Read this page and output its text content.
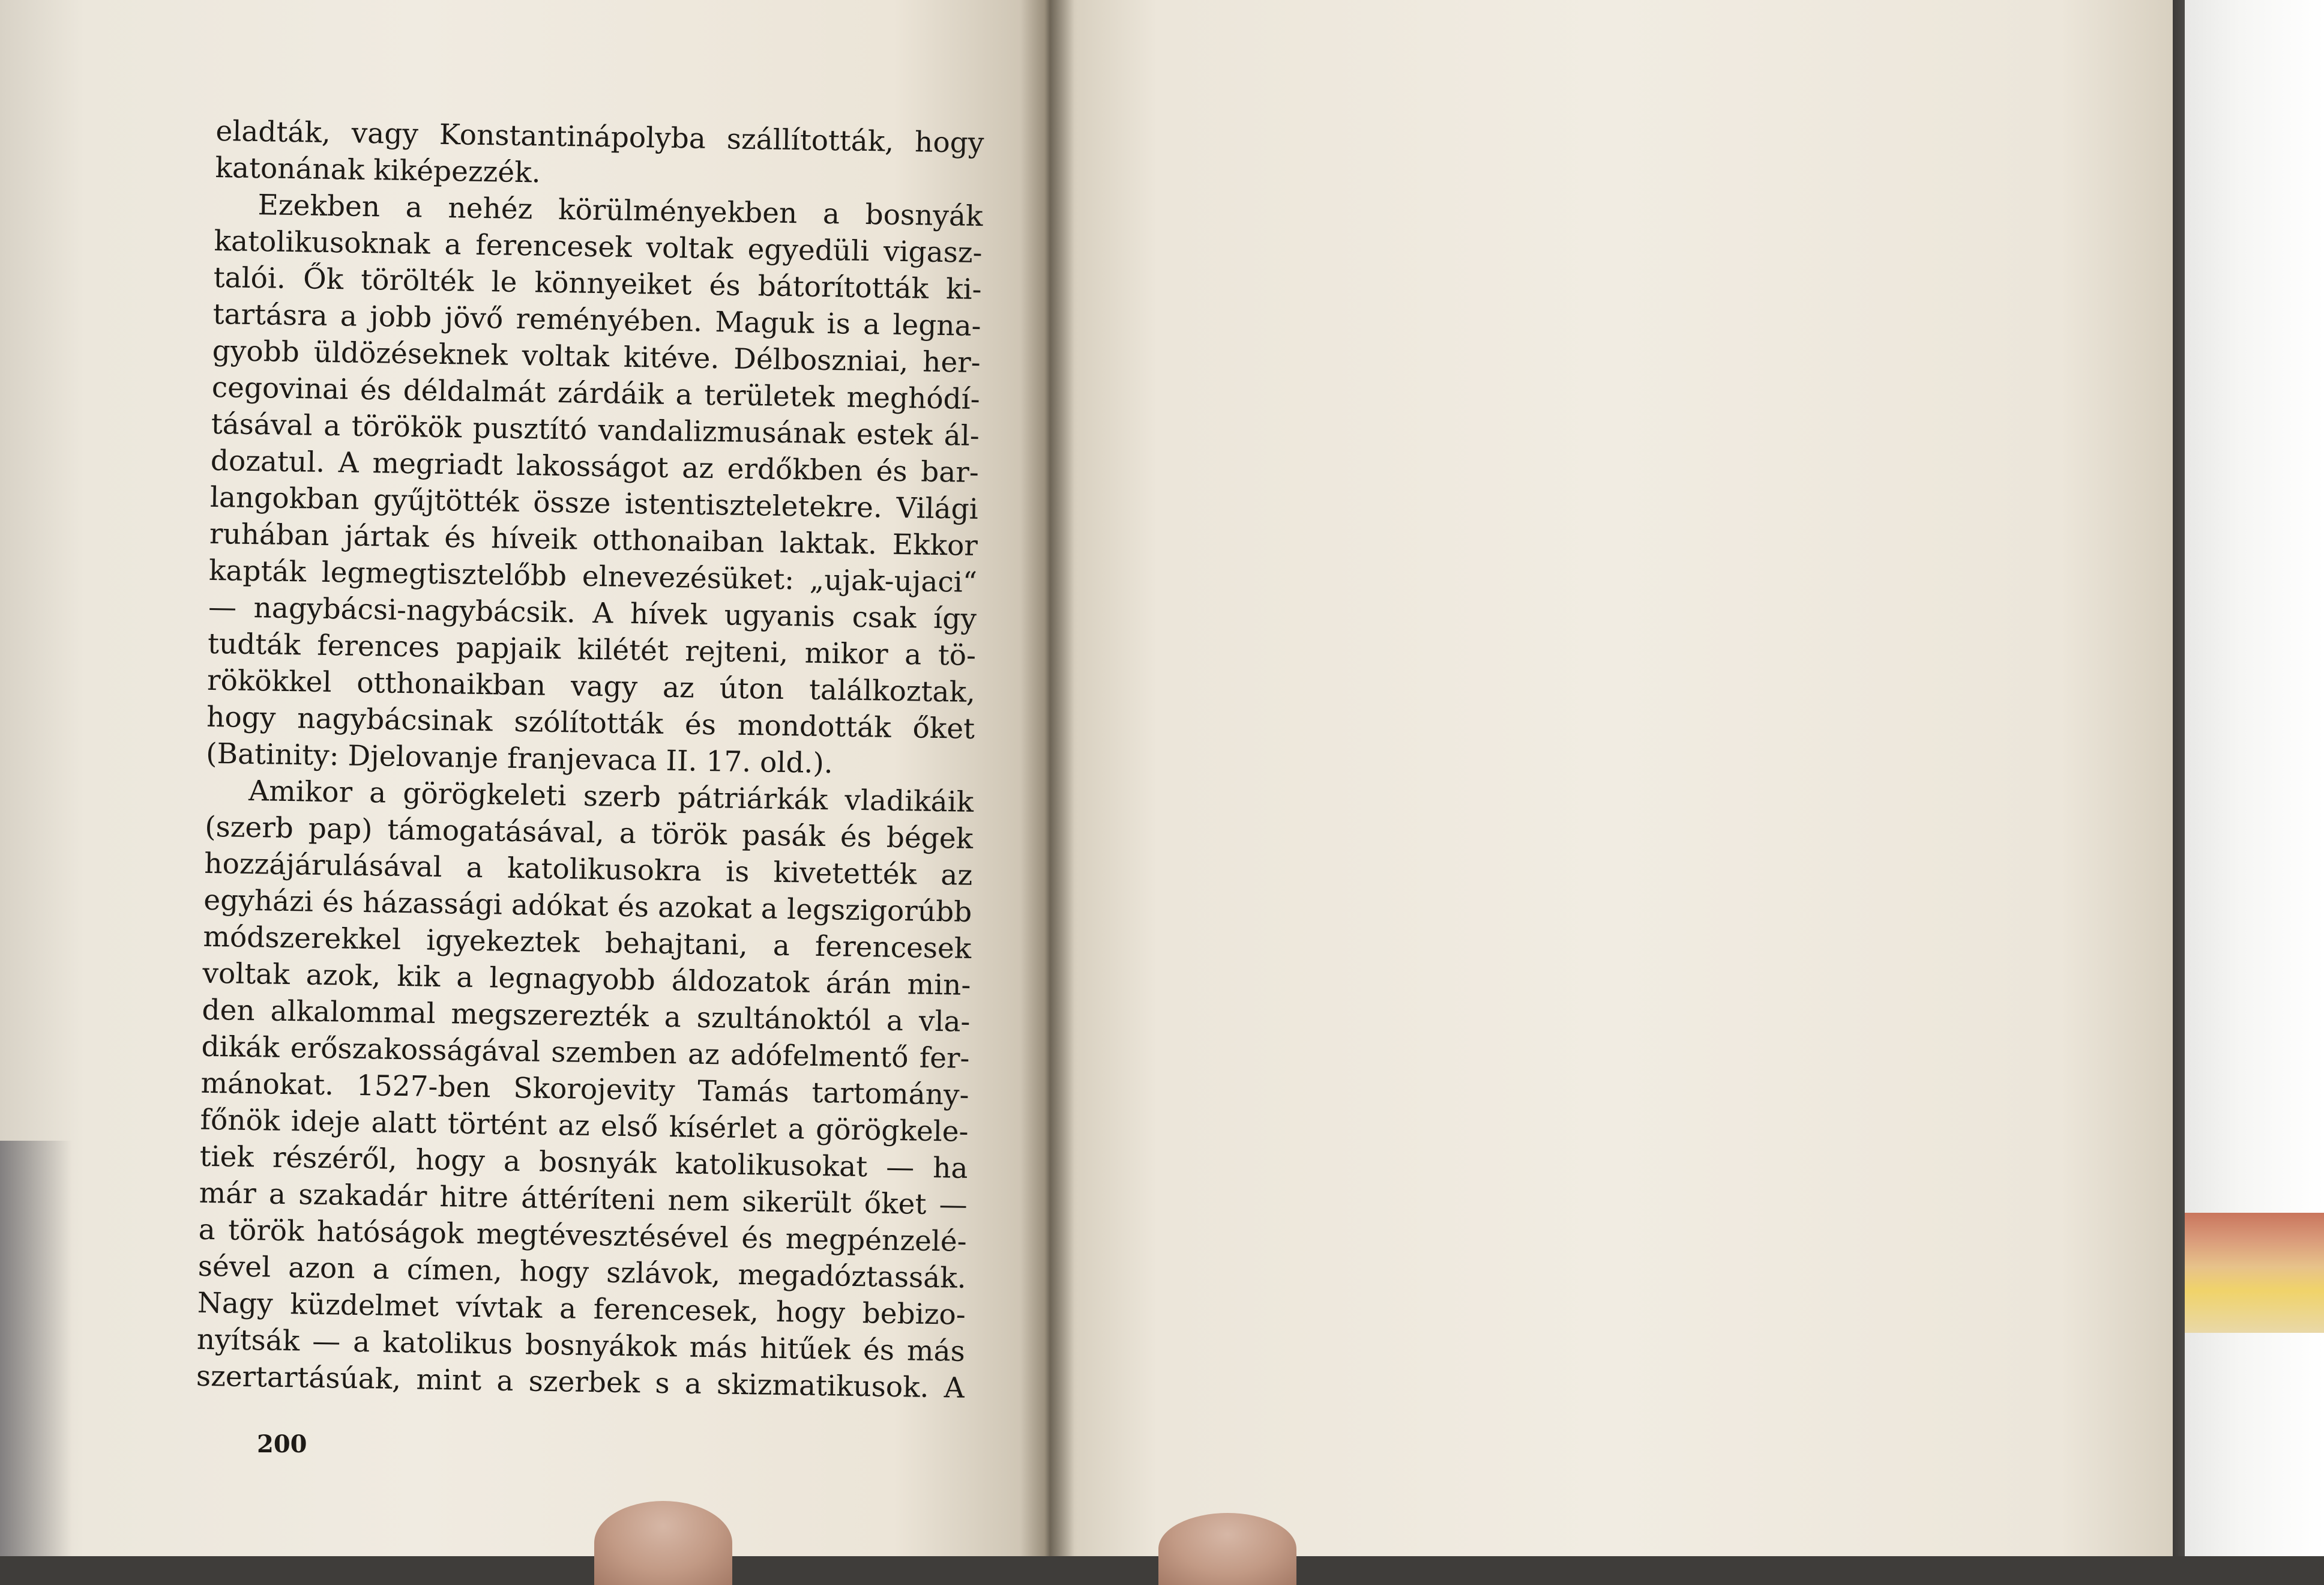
eladták, vagy Konstantinápolyba szállították, hogy
katonának kiképezzék.
Ezekben a nehéz körülményekben a bosnyák
katolikusoknak a ferencesek voltak egyedüli vigasz-
talói. Ők törölték le könnyeiket és bátorították ki-
tartásra a jobb jövő reményében. Maguk is a legna-
gyobb üldözéseknek voltak kitéve. Délboszniai, her-
cegovinai és déldalmát zárdáik a területek meghódí-
tásával a törökök pusztító vandalizmusának estek ál-
dozatul. A megriadt lakosságot az erdőkben és bar-
langokban gyűjtötték össze istentiszteletekre. Világi
ruhában jártak és híveik otthonaiban laktak. Ekkor
kapták legmegtisztelőbb elnevezésüket: „ujak-ujaci“
— nagybácsi-nagybácsik. A hívek ugyanis csak így
tudták ferences papjaik kilétét rejteni, mikor a tö-
rökökkel otthonaikban vagy az úton találkoztak,
hogy nagybácsinak szólították és mondották őket
(Batinity: Djelovanje franjevaca II. 17. old.).
Amikor a görögkeleti szerb pátriárkák vladikáik
(szerb pap) támogatásával, a török pasák és bégek
hozzájárulásával a katolikusokra is kivetették az
egyházi és házassági adókat és azokat a legszigorúbb
módszerekkel igyekeztek behajtani, a ferencesek
voltak azok, kik a legnagyobb áldozatok árán min-
den alkalommal megszerezték a szultánoktól a vla-
dikák erőszakosságával szemben az adófelmentő fer-
mánokat. 1527-ben Skorojevity Tamás tartomány-
főnök ideje alatt történt az első kísérlet a görögkele-
tiek részéről, hogy a bosnyák katolikusokat — ha
már a szakadár hitre áttéríteni nem sikerült őket —
a török hatóságok megtévesztésével és megpénzelé-
sével azon a címen, hogy szlávok, megadóztassák.
Nagy küzdelmet vívtak a ferencesek, hogy bebizo-
nyítsák — a katolikus bosnyákok más hitűek és más
szertartásúak, mint a szerbek s a skizmatikusok. A
200
